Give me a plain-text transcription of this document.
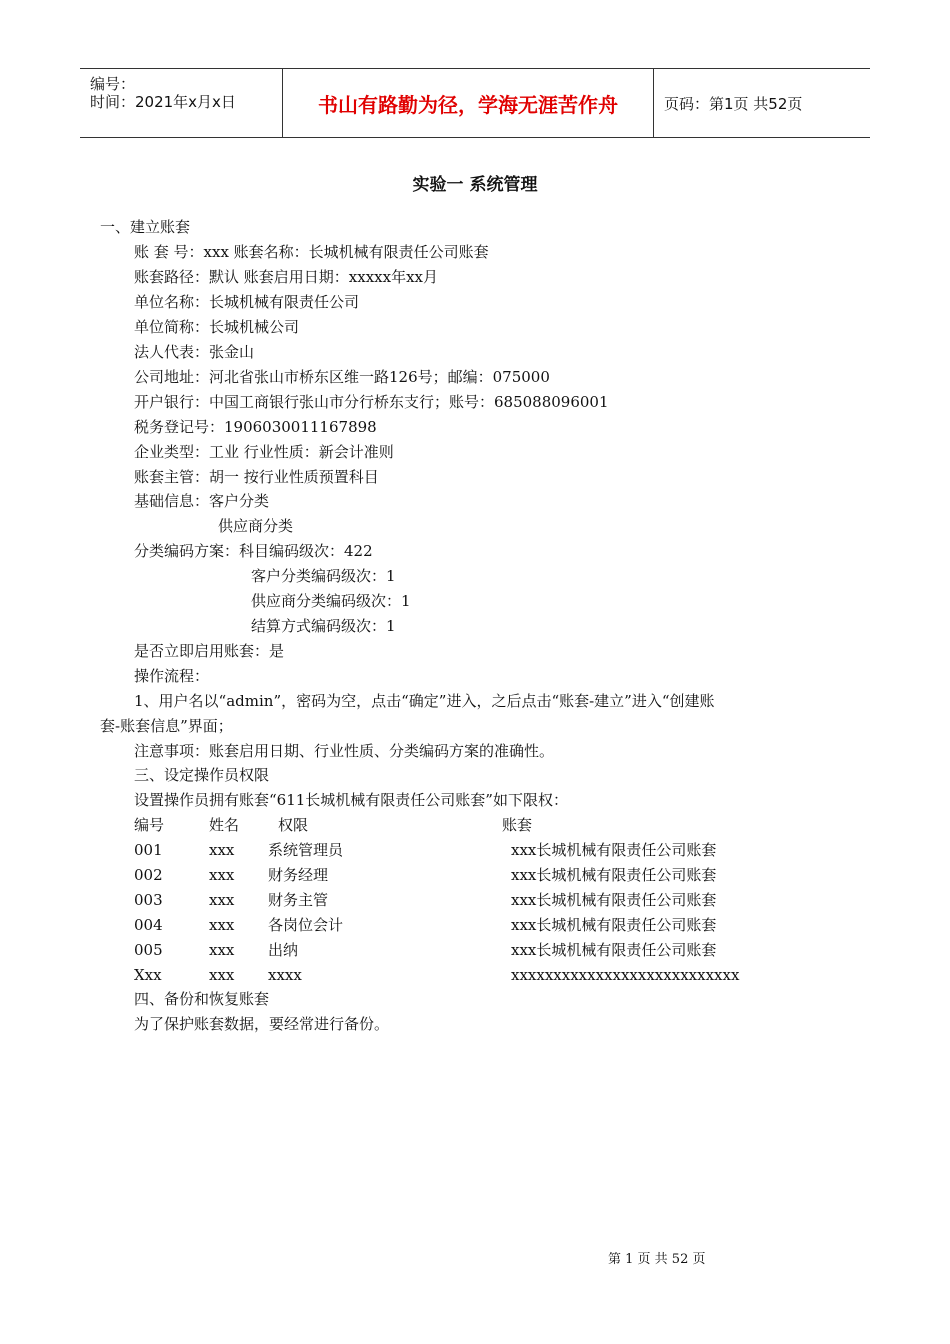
编号：
时间：2021年x月x日	书山有路勤为径，学海无涯苦作舟	页码：第1页 共52页
实验一 系统管理
一、建立账套
账 套 号：xxx 账套名称：长城机械有限责任公司账套
账套路径：默认 账套启用日期：xxxxx年xx月
单位名称：长城机械有限责任公司
单位简称：长城机械公司
法人代表：张金山
公司地址：河北省张山市桥东区维一路126号；邮编：075000
开户银行：中国工商银行张山市分行桥东支行；账号：685088096001
税务登记号：1906030011167898
企业类型：工业 行业性质：新会计准则
账套主管：胡一 按行业性质预置科目
基础信息：客户分类
供应商分类
分类编码方案：科目编码级次：422
客户分类编码级次：1
供应商分类编码级次：1
结算方式编码级次：1
是否立即启用账套：是
操作流程：
1、用户名以“admin”，密码为空，点击“确定”进入，之后点击“账套-建立”进入“创建账
套-账套信息”界面；
注意事项：账套启用日期、行业性质、分类编码方案的准确性。
三、设定操作员权限
设置操作员拥有账套“611长城机械有限责任公司账套”如下限权：
四、备份和恢复账套
为了保护账套数据，要经常进行备份。
编号	姓名	权限	账套
001	xxx 系统管理员	xxx长城机械有限责任公司账套
002	xxx 财务经理	xxx长城机械有限责任公司账套
003	xxx 财务主管	xxx长城机械有限责任公司账套
004	xxx 各岗位会计	xxx长城机械有限责任公司账套
005	xxx 出纳	xxx长城机械有限责任公司账套
Xxx	xxx xxxx	xxxxxxxxxxxxxxxxxxxxxxxxxxx
第 1 页 共 52 页
